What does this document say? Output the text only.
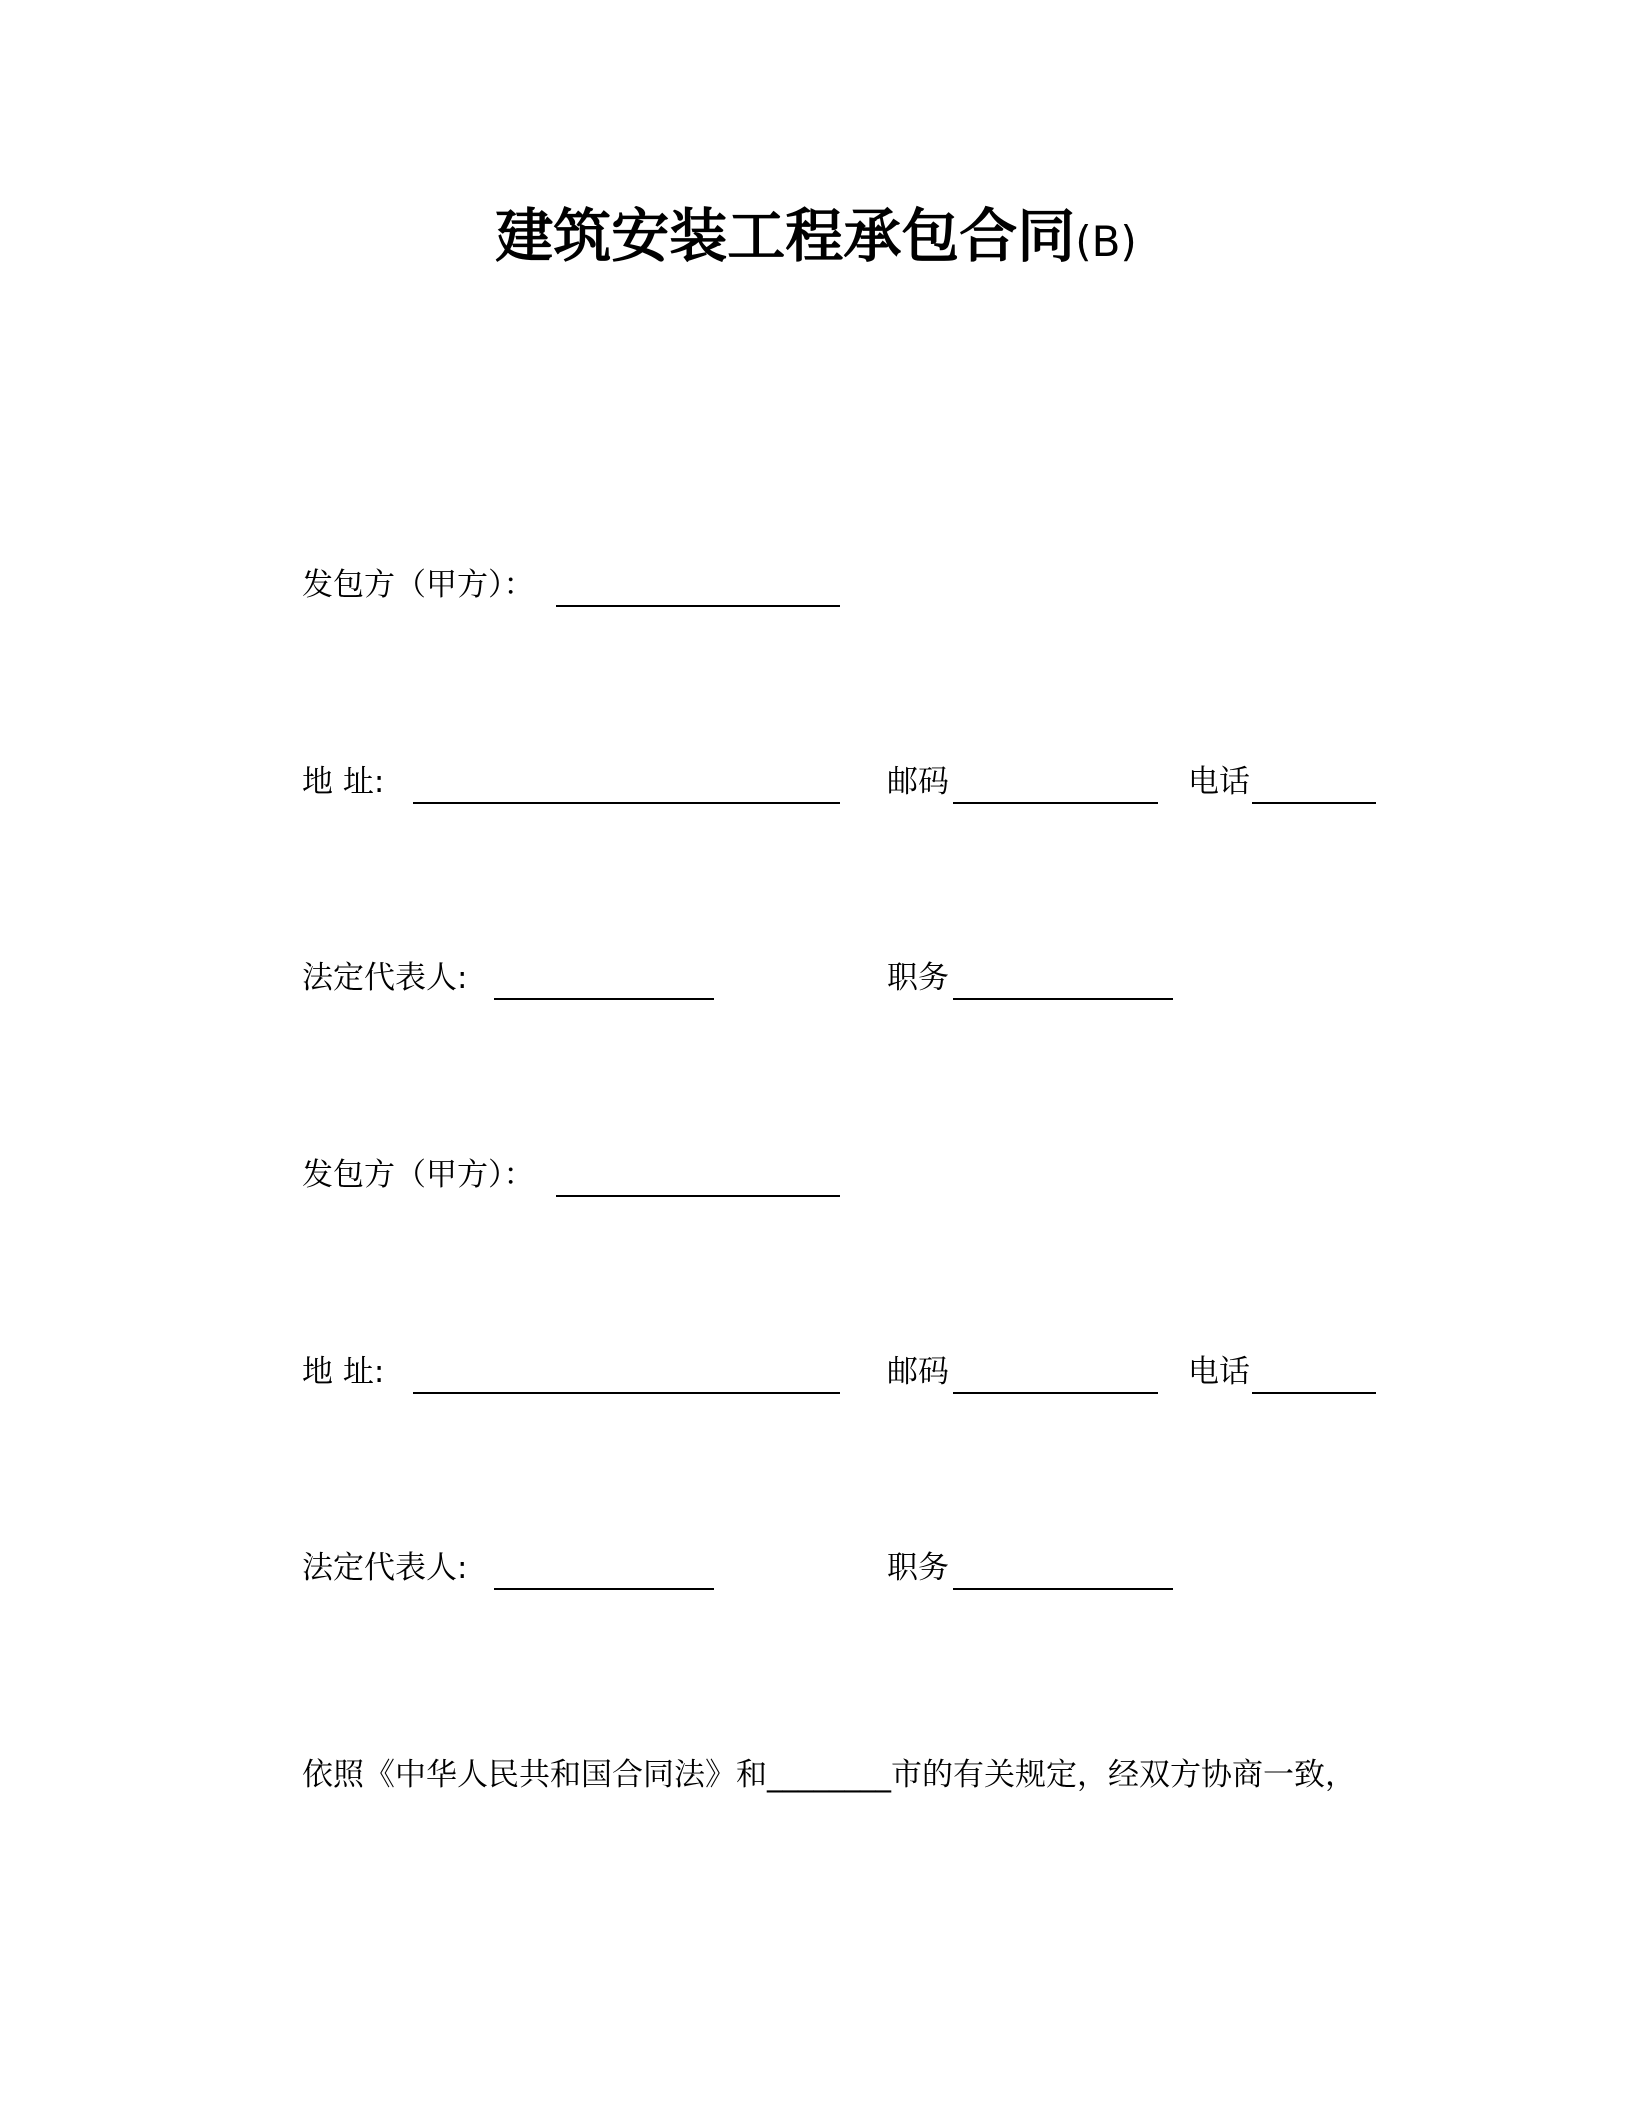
建筑安装工程承包合同(B)
发包方（甲方）：
地 址:	邮码	电话
法定代表人:	职务
发包方（甲方）：
地 址:	邮码	电话
法定代表人:	职务

依照《中华人民共和国合同法》和________市的有关规定，经双方协商一致，
